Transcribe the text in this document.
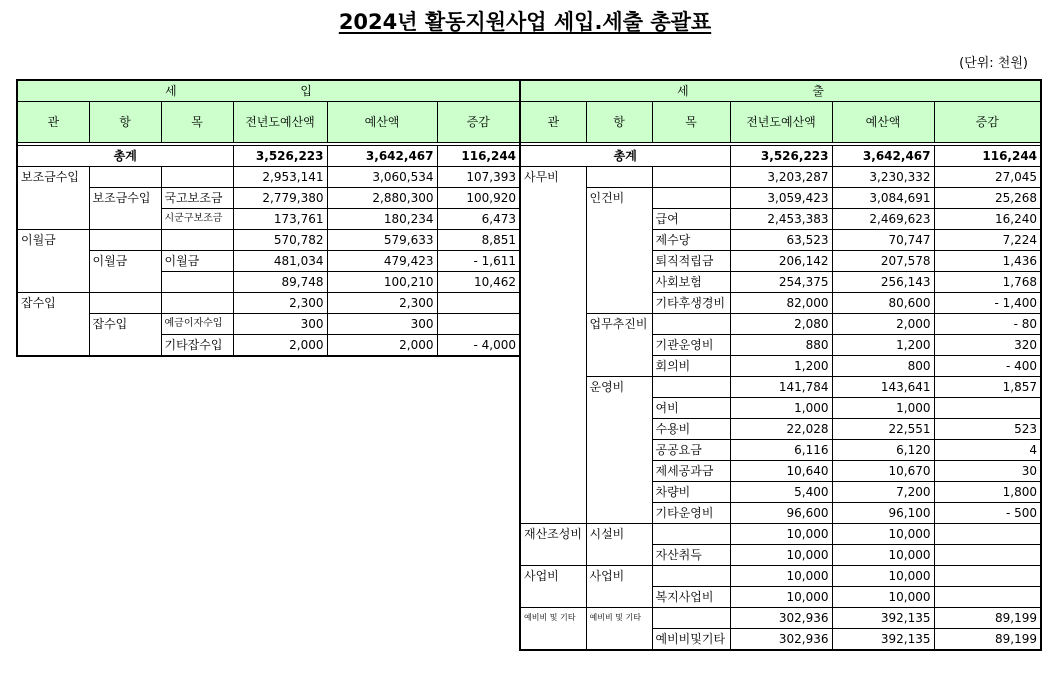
2024년 활동지원사업 세입.세출 총괄표
(단위: 천원)
세 입					
관	항	목	전년도예산액	예산액	증감

총계			3,526,223	3,642,467	116,244
보조금수입			2,953,141	3,060,534	107,393
	보조금수입	국고보조금	2,779,380	2,880,300	100,920
		시군구보조금	173,761	180,234	6,473
이월금			570,782	579,633	8,851
	이월금	이월금	481,034	479,423	- 1,611
			89,748	100,210	10,462
잡수입			2,300	2,300	
	잡수입	예금이자수입	300	300	
		기타잡수입	2,000	2,000	- 4,000
세 출					
관	항	목	전년도예산액	예산액	증감

총계			3,526,223	3,642,467	116,244
사무비			3,203,287	3,230,332	27,045
	인건비		3,059,423	3,084,691	25,268
		급여	2,453,383	2,469,623	16,240
		제수당	63,523	70,747	7,224
		퇴직적립금	206,142	207,578	1,436
		사회보험	254,375	256,143	1,768
		기타후생경비	82,000	80,600	- 1,400
	업무추진비		2,080	2,000	- 80
		기관운영비	880	1,200	320
		회의비	1,200	800	- 400
	운영비		141,784	143,641	1,857
		여비	1,000	1,000	
		수용비	22,028	22,551	523
		공공요금	6,116	6,120	4
		제세공과금	10,640	10,670	30
		차량비	5,400	7,200	1,800
		기타운영비	96,600	96,100	- 500
재산조성비	시설비		10,000	10,000	
		자산취득	10,000	10,000	
사업비	사업비		10,000	10,000	
		복지사업비	10,000	10,000	
예비비 및 기타	예비비 및 기타		302,936	392,135	89,199
		예비비및기타	302,936	392,135	89,199
